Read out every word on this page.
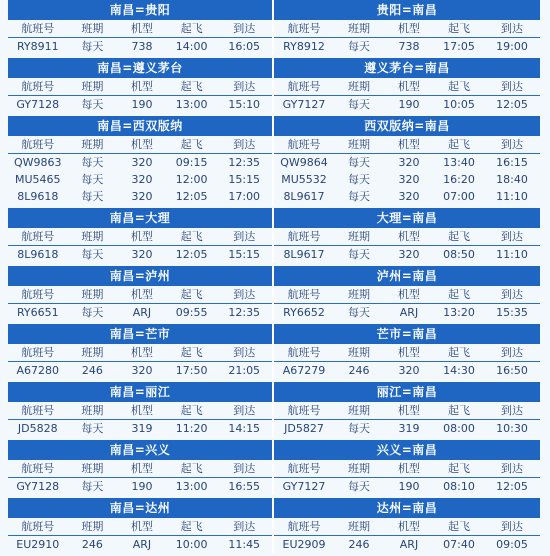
南昌=贵阳
航班号	班期	机型	起飞	到达
RY8911	每天	738	14:00	16:05
贵阳=南昌
航班号	班期	机型	起飞	到达
RY8912	每天	738	17:05	19:00
南昌=遵义茅台
航班号	班期	机型	起飞	到达
GY7128	每天	190	13:00	15:10
遵义茅台=南昌
航班号	班期	机型	起飞	到达
GY7127	每天	190	10:05	12:05
南昌=西双版纳
航班号	班期	机型	起飞	到达
QW9863	每天	320	09:15	12:35
MU5465	每天	320	12:00	15:15
8L9618	每天	320	12:05	17:00
西双版纳=南昌
航班号	班期	机型	起飞	到达
QW9864	每天	320	13:40	16:15
MU5532	每天	320	16:20	18:40
8L9617	每天	320	07:00	11:10
南昌=大理
航班号	班期	机型	起飞	到达
8L9618	每天	320	12:05	15:15
大理=南昌
航班号	班期	机型	起飞	到达
8L9617	每天	320	08:50	11:10
南昌=泸州
航班号	班期	机型	起飞	到达
RY6651	每天	ARJ	09:55	12:35
泸州=南昌
航班号	班期	机型	起飞	到达
RY6652	每天	ARJ	13:20	15:35
南昌=芒市
航班号	班期	机型	起飞	到达
A67280	246	320	17:50	21:05
芒市=南昌
航班号	班期	机型	起飞	到达
A67279	246	320	14:30	16:50
南昌=丽江
航班号	班期	机型	起飞	到达
JD5828	每天	319	11:20	14:15
丽江=南昌
航班号	班期	机型	起飞	到达
JD5827	每天	319	08:00	10:30
南昌=兴义
航班号	班期	机型	起飞	到达
GY7128	每天	190	13:00	16:55
兴义=南昌
航班号	班期	机型	起飞	到达
GY7127	每天	190	08:10	12:05
南昌=达州
航班号	班期	机型	起飞	到达
EU2910	246	ARJ	10:00	11:45
达州=南昌
航班号	班期	机型	起飞	到达
EU2909	246	ARJ	07:40	09:05
